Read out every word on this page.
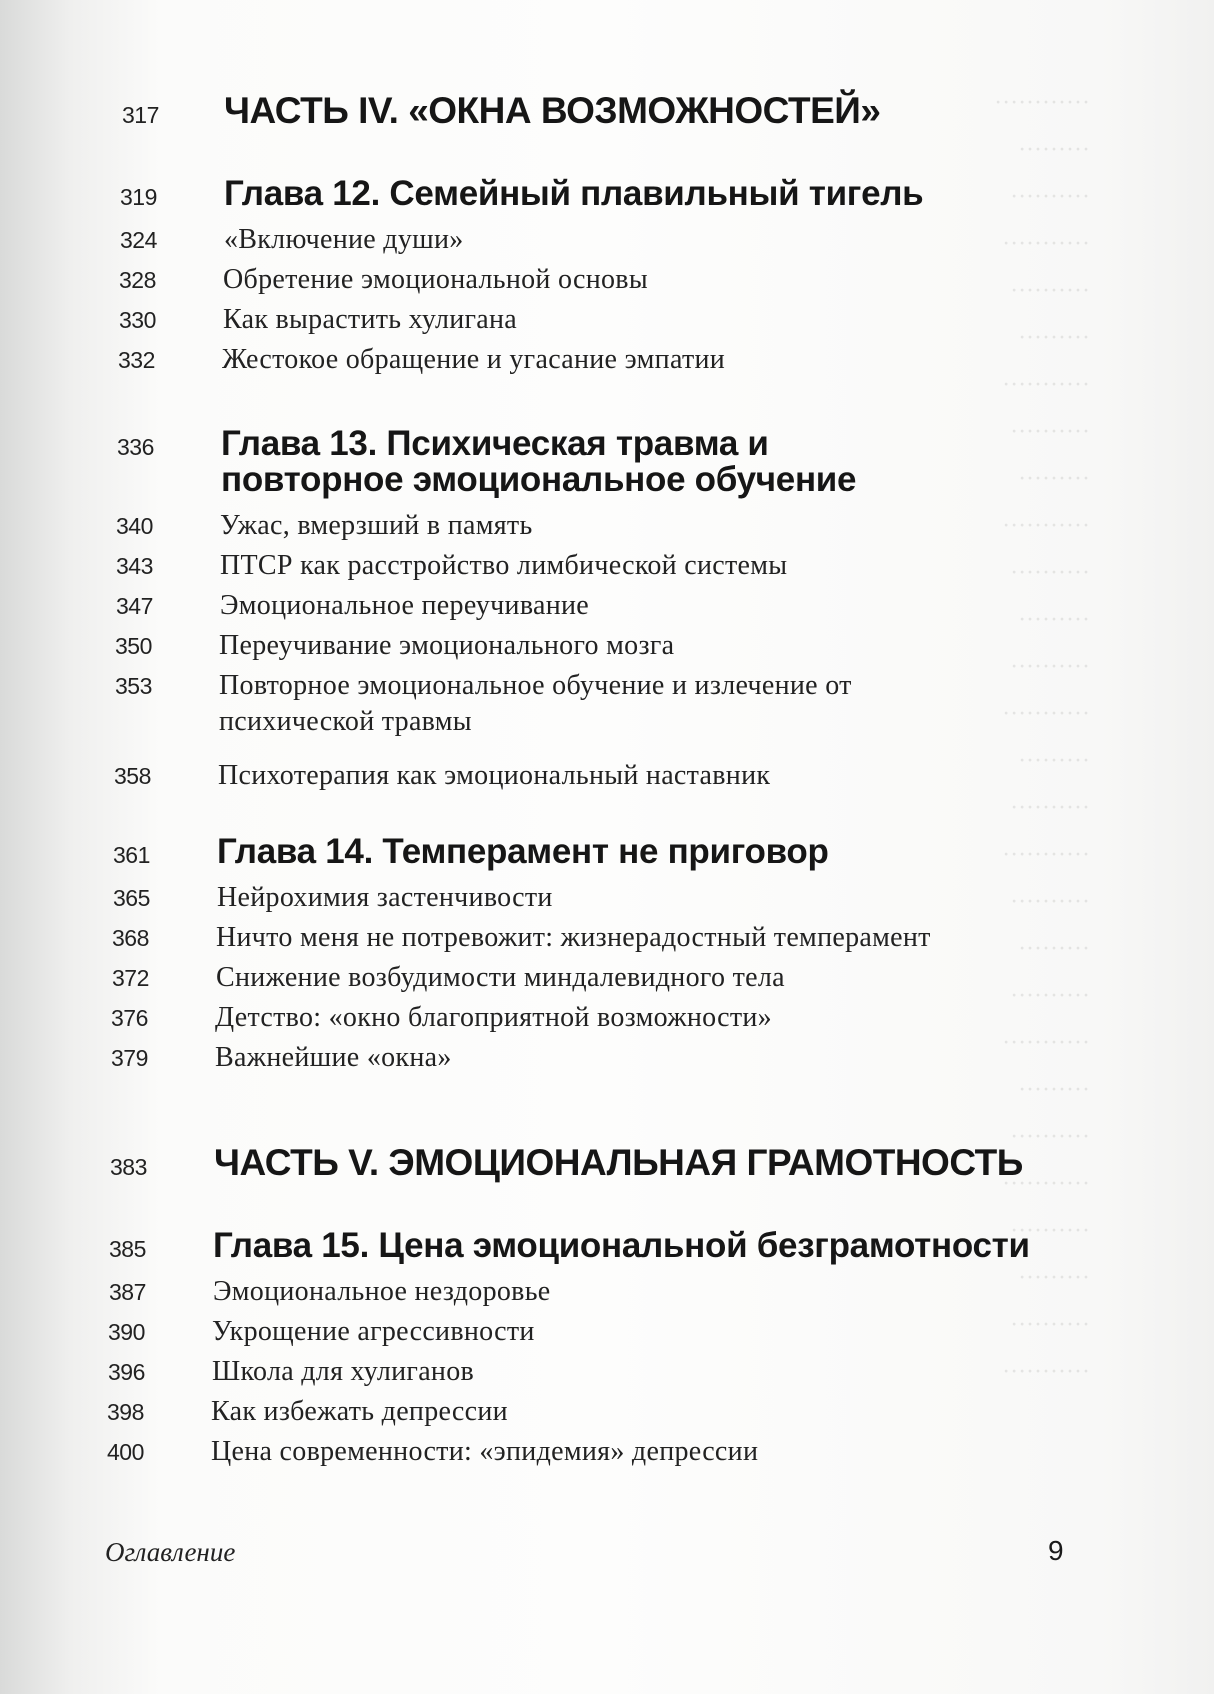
············
·········
··········
···········
··········
·········
···········
··········
·········
···········
··········
·········
··········
···········
·········
··········
···········
··········
·········
··········
···········
·········
··········
···········
··········
·········
··········
···········
317	ЧАСТЬ IV. «ОКНА ВОЗМОЖНОСТЕЙ»
319	Глава 12. Семейный плавильный тигель
324	«Включение души»
328	Обретение эмоциональной основы
330	Как вырастить хулигана
332	Жестокое обращение и угасание эмпатии
336	Глава 13. Психическая травма и повторное эмоциональное обучение
340	Ужас, вмерзший в память
343	ПТСР как расстройство лимбической системы
347	Эмоциональное переучивание
350	Переучивание эмоционального мозга
353	Повторное эмоциональное обучение и излечение от психической травмы
358	Психотерапия как эмоциональный наставник
361	Глава 14. Темперамент не приговор
365	Нейрохимия застенчивости
368	Ничто меня не потревожит: жизнерадостный темперамент
372	Снижение возбудимости миндалевидного тела
376	Детство: «окно благоприятной возможности»
379	Важнейшие «окна»
383	ЧАСТЬ V. ЭМОЦИОНАЛЬНАЯ ГРАМОТНОСТЬ
385	Глава 15. Цена эмоциональной безграмотности
387	Эмоциональное нездоровье
390	Укрощение агрессивности
396	Школа для хулиганов
398	Как избежать депрессии
400	Цена современности: «эпидемия» депрессии
Оглавление	9
